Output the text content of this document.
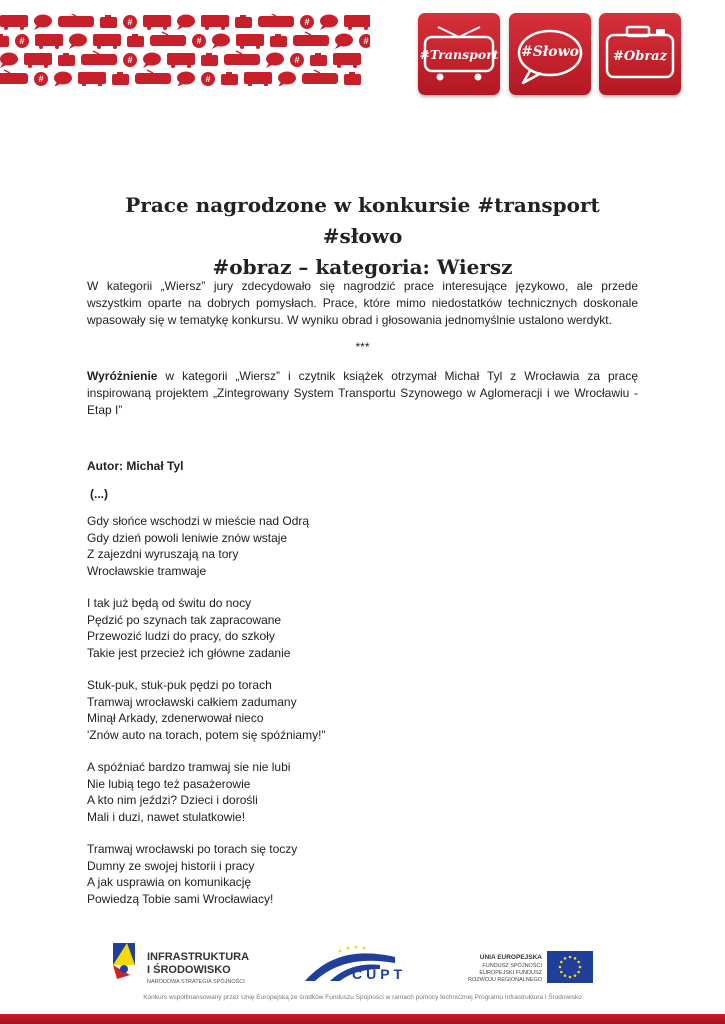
#	#
#	#	#
#	#
#	#
#Transport	#Słowo	#Obraz
Prace nagrodzone w konkursie #transport #słowo
#obraz – kategoria: Wiersz

W kategorii „Wiersz” jury zdecydowało się nagrodzić prace interesujące językowo, ale przede wszystkim oparte na dobrych pomysłach. Prace, które mimo niedostatków technicznych doskonale wpasowały się w tematykę konkursu. W wyniku obrad i głosowania jednomyślnie ustalono werdykt.

***

Wyróżnienie w kategorii „Wiersz” i czytnik książek otrzymał Michał Tyl z Wrocławia za pracę inspirowaną projektem „Zintegrowany System Transportu Szynowego w Aglomeracji i we Wrocławiu - Etap I”

Autor: Michał Tyl
(...)
Gdy słońce wschodzi w mieście nad Odrą
Gdy dzień powoli leniwie znów wstaje
Z zajezdni wyruszają na tory
Wrocławskie tramwaje
I tak już będą od świtu do nocy
Pędzić po szynach tak zapracowane
Przewozić ludzi do pracy, do szkoły
Takie jest przecież ich główne zadanie
Stuk-puk, stuk-puk pędzi po torach
Tramwaj wrocławski całkiem zadumany
Minął Arkady, zdenerwował nieco
'Znów auto na torach, potem się spóźniamy!"
A spóźniać bardzo tramwaj sie nie lubi
Nie lubią tego też pasażerowie
A kto nim jeździ? Dzieci i dorośli
Mali i duzi, nawet stulatkowie!
Tramwaj wrocławski po torach się toczy
Dumny ze swojej historii i pracy
A jak usprawia on komunikację
Powiedzą Tobie sami Wrocławiacy!
INFRASTRUKTURA
I ŚRODOWISKO
NARODOWA STRATEGIA SPÓJNOŚCI	CUPT
UNIA EUROPEJSKA
FUNDUSZ SPÓJNOŚCI
EUROPEJSKI FUNDUSZ
ROZWOJU REGIONALNEGO
Konkurs współfinansowany przez Unię Europejską ze środków Funduszu Spójności w ramach pomocy technicznej Programu Infrastruktura i Środowisko
